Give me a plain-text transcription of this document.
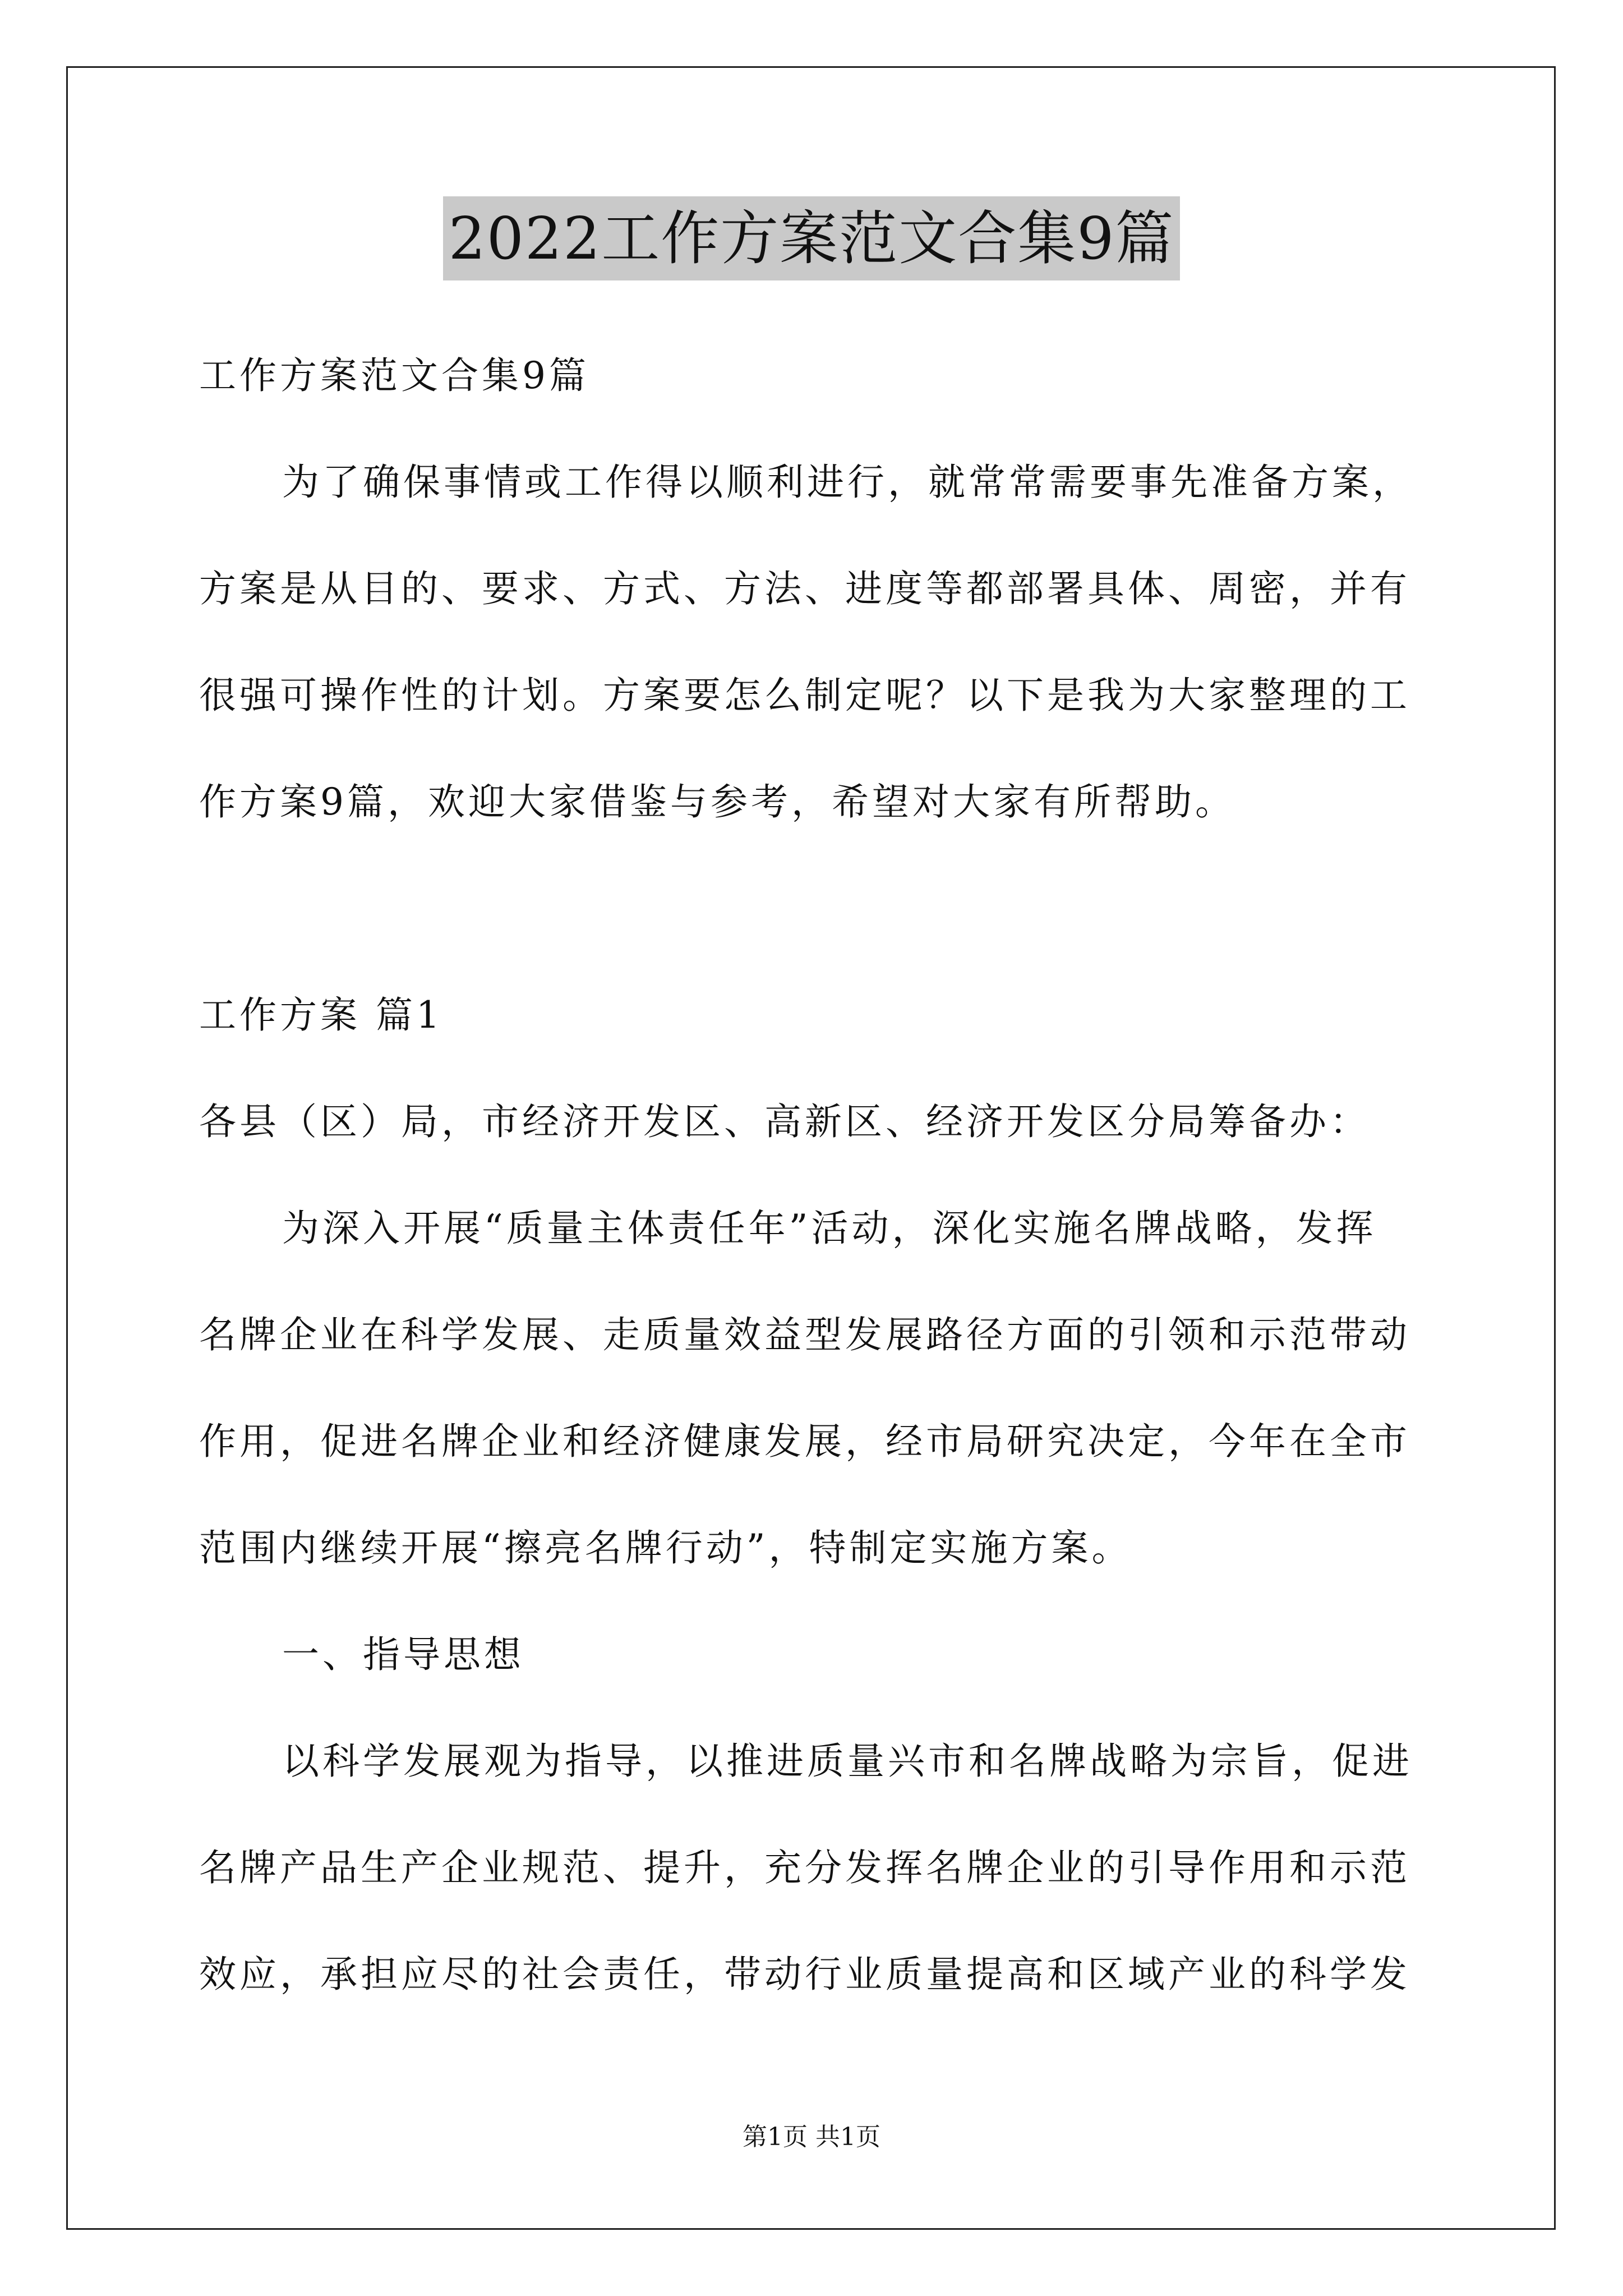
2022工作方案范文合集9篇
工作方案范文合集9篇
为了确保事情或工作得以顺利进行，就常常需要事先准备方案，
方案是从目的、要求、方式、方法、进度等都部署具体、周密，并有
很强可操作性的计划。方案要怎么制定呢？以下是我为大家整理的工
作方案9篇，欢迎大家借鉴与参考，希望对大家有所帮助。
工作方案 篇1
各县（区）局，市经济开发区、高新区、经济开发区分局筹备办：
为深入开展“质量主体责任年”活动，深化实施名牌战略，发挥
名牌企业在科学发展、走质量效益型发展路径方面的引领和示范带动
作用，促进名牌企业和经济健康发展，经市局研究决定，今年在全市
范围内继续开展“擦亮名牌行动”，特制定实施方案。
一、指导思想
以科学发展观为指导，以推进质量兴市和名牌战略为宗旨，促进
名牌产品生产企业规范、提升，充分发挥名牌企业的引导作用和示范
效应，承担应尽的社会责任，带动行业质量提高和区域产业的科学发
第1页 共1页
